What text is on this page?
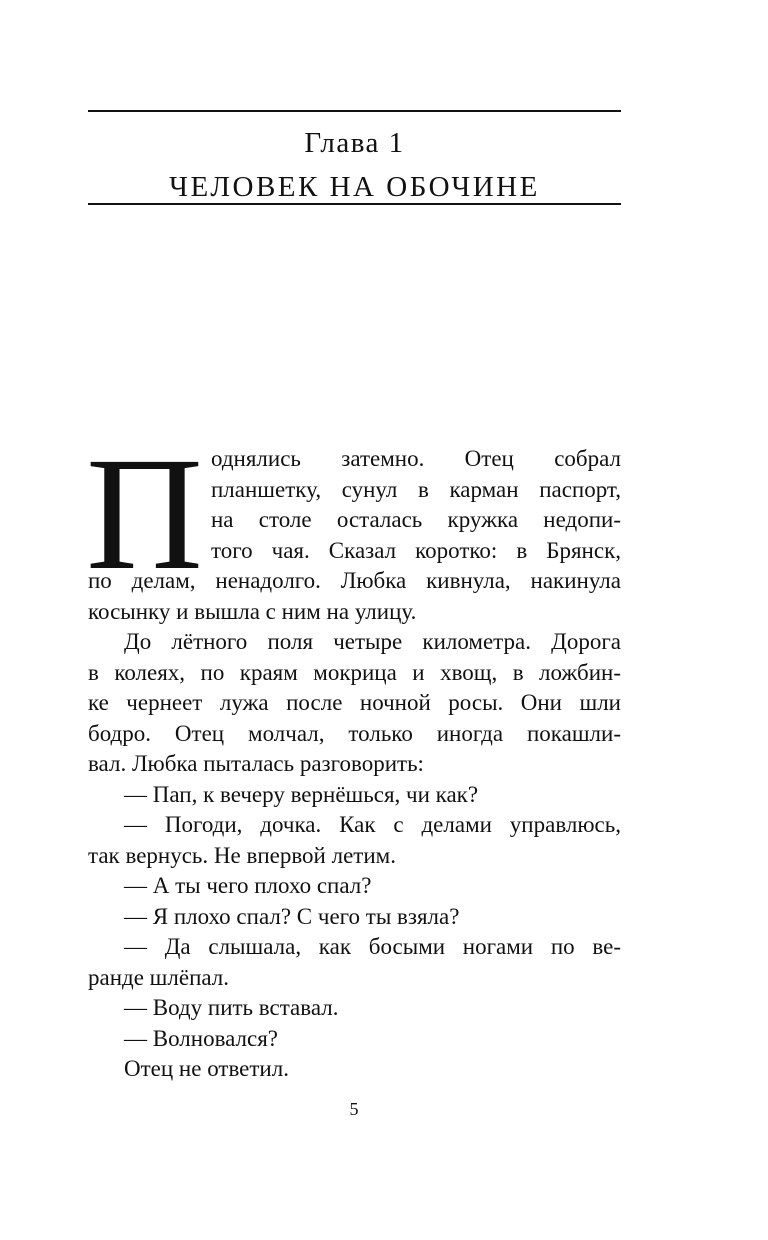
Глава 1
ЧЕЛОВЕК НА ОБОЧИНЕ
П однялись затемно. Отец собрал
планшетку, сунул в карман паспорт,
на столе осталась кружка недопи-
того чая. Сказал коротко: в Брянск,
по делам, ненадолго. Любка кивнула, накинула
косынку и вышла с ним на улицу.
До лётного поля четыре километра. Дорога
в колеях, по краям мокрица и хвощ, в ложбин-
ке чернеет лужа после ночной росы. Они шли
бодро. Отец молчал, только иногда покашли-
вал. Любка пыталась разговорить:
— Пап, к вечеру вернёшься, чи как?
— Погоди, дочка. Как с делами управлюсь,
так вернусь. Не впервой летим.
— А ты чего плохо спал?
— Я плохо спал? С чего ты взяла?
— Да слышала, как босыми ногами по ве-
ранде шлёпал.
— Воду пить вставал.
— Волновался?
Отец не ответил.
5
